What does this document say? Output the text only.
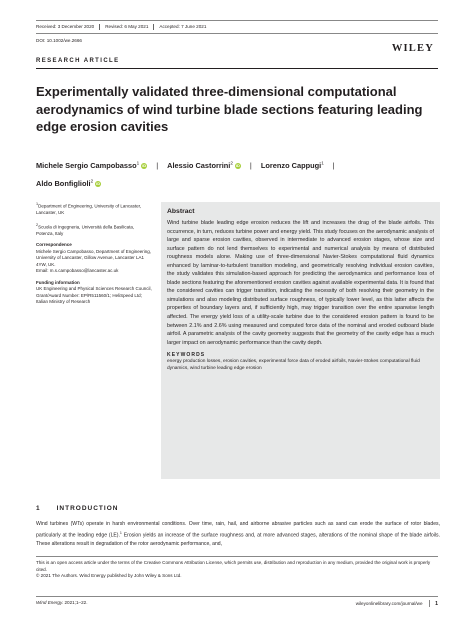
Received: 3 December 2020	Revised: 6 May 2021	Accepted: 7 June 2021
DOI: 10.1002/we.2666
WILEY
RESEARCH ARTICLE
Experimentally validated three-dimensional computational aerodynamics of wind turbine blade sections featuring leading edge erosion cavities
Michele Sergio Campobasso$^1$ iD | Alessio Castorrini$^2$ iD | Lorenzo Cappugi$^1$ |
Aldo Bonfiglioli$^2$ iD
$^1$Department of Engineering, University of Lancaster, Lancaster, UK
$^2$Scuola di Ingegneria, Università della Basilicata, Potenza, Italy
Correspondence
Michele Sergio Campobasso, Department of Engineering, University of Lancaster, Gillow Avenue, Lancaster LA1 4YW, UK.
Email: m.s.campobasso@lancaster.ac.uk
Funding information
UK Engineering and Physical Sciences Research Council, Grant/Award Number: EP/R511560/1; HeliSpeed Ltd; Italian Ministry of Research
Abstract

Wind turbine blade leading edge erosion reduces the lift and increases the drag of the blade airfoils. This occurrence, in turn, reduces turbine power and energy yield. This study focuses on the aerodynamic analysis of large and sparse erosion cavities, observed in intermediate to advanced erosion stages, whose size and surface pattern do not lend themselves to experimental and numerical analysis by means of distributed roughness models alone. Making use of three-dimensional Navier-Stokes computational fluid dynamics enhanced by laminar-to-turbulent transition modeling, and geometrically resolving individual erosion cavities, the study validates this simulation-based approach for predicting the aerodynamics and performance loss of blade sections featuring the aforementioned erosion cavities against available experimental data. It is found that the considered cavities can trigger transition, indicating the necessity of both resolving their geometry in the simulations and also modeling distributed surface roughness, of typically lower level, as this latter affects the properties of boundary layers and, if sufficiently high, may trigger transition over the entire spanwise length affected. The energy yield loss of a utility-scale turbine due to the considered erosion pattern is found to be between 2.1% and 2.6% using measured and computed force data of the nominal and eroded outboard blade airfoil. A parametric analysis of the cavity geometry suggests that the geometry of the cavity edge has a much larger impact on aerodynamic performance than the cavity depth.

KEYWORDS
energy production losses, erosion cavities, experimental force data of eroded airfoils, Navier-Stokes computational fluid dynamics, wind turbine leading edge erosion
1 INTRODUCTION

Wind turbines (WTs) operate in harsh environmental conditions. Over time, rain, hail, and airborne abrasive particles such as sand can erode the surface of rotor blades, particularly at the leading edge (LE).$^1$ Erosion yields an increase of the surface roughness and, at more advanced stages, alterations of the nominal shape of the blade airfoils. These alterations result in degradation of the rotor aerodynamic performance, and,

This is an open access article under the terms of the Creative Commons Attribution License, which permits use, distribution and reproduction in any medium, provided the original work is properly cited.
© 2021 The Authors. Wind Energy published by John Wiley & Sons Ltd.
Wind Energy. 2021;1–22.	wileyonlinelibrary.com/journal/we 1
